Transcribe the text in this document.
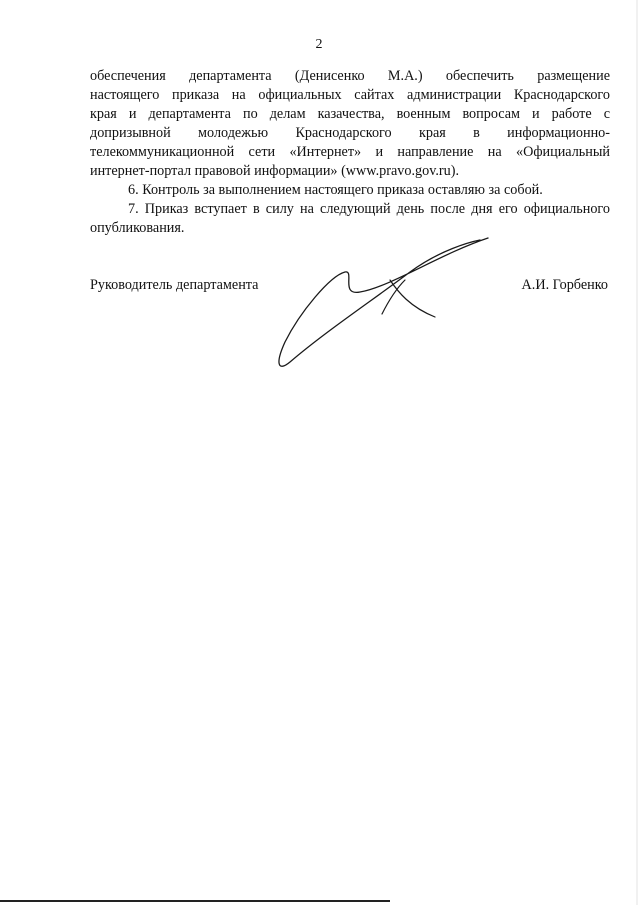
2
обеспечения департамента (Денисенко М.А.) обеспечить размещение
настоящего приказа на официальных сайтах администрации Краснодарского
края и департамента по делам казачества, военным вопросам и работе с
допризывной молодежью Краснодарского края в информационно-
телекоммуникационной сети «Интернет» и направление на «Официальный
интернет-портал правовой информации» (www.pravo.gov.ru).
6. Контроль за выполнением настоящего приказа оставляю за собой.
7. Приказ вступает в силу на следующий день после дня его официального
опубликования.
Руководитель департамента	А.И. Горбенко
